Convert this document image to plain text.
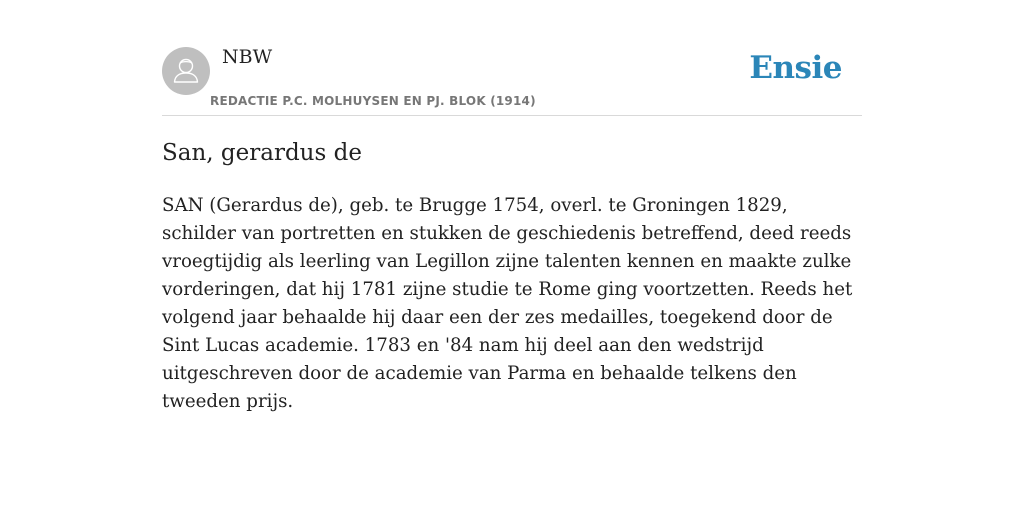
NBW
REDACTIE P.C. MOLHUYSEN EN PJ. BLOK (1914)
Ensie
San, gerardus de

SAN (Gerardus de), geb. te Brugge 1754, overl. te Groningen 1829, schilder van portretten en stukken de geschiedenis betreffend, deed reeds vroegtijdig als leerling van Legillon zijne talenten kennen en maakte zulke vorderingen, dat hij 1781 zijne studie te Rome ging voortzetten. Reeds het volgend jaar behaalde hij daar een der zes medailles, toegekend door de Sint Lucas academie. 1783 en '84 nam hij deel aan den wedstrijd uitgeschreven door de academie van Parma en behaalde telkens den tweeden prijs.
